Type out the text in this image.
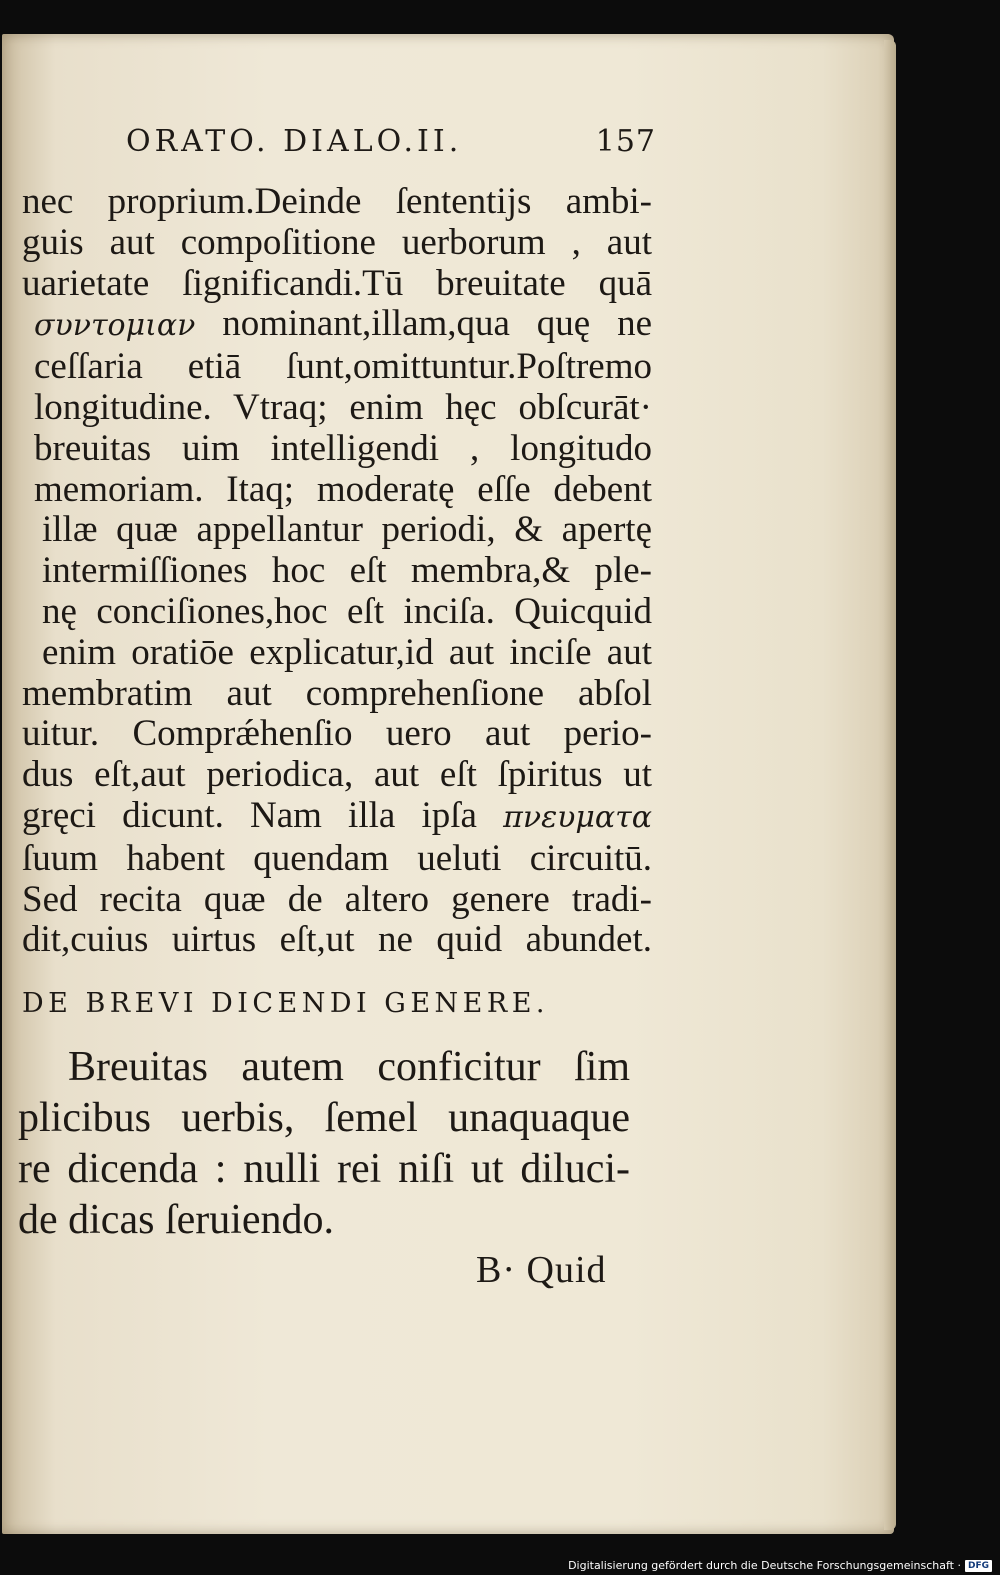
ORATO. DIALO.II.	157
nec proprium.Deinde ſententijs ambi-
guis aut compoſitione uerborum , aut
uarietate ſignificandi.Tū breuitate quā
συντομιαν nominant,illam,qua quę ne
ceſſaria etiā ſunt,omittuntur.Poſtremo
longitudine. Vtraq; enim hęc obſcurāt·
breuitas uim intelligendi , longitudo
memoriam. Itaq; moderatę eſſe debent
illæ quæ appellantur periodi, & apertę
intermiſſiones hoc eſt membra,& ple-
nę conciſiones,hoc eſt inciſa. Quicquid
enim oratiōe explicatur,id aut inciſe aut
membratim aut comprehenſione abſol
uitur. Comprǽhenſio uero aut perio-
dus eſt,aut periodica, aut eſt ſpiritus ut
gręci dicunt. Nam illa ipſa πνευματα
ſuum habent quendam ueluti circuitū.
Sed recita quæ de altero genere tradi-
dit,cuius uirtus eſt,ut ne quid abundet.
DE BREVI DICENDI GENERE.
Breuitas autem conficitur ſim
plicibus uerbis, ſemel unaquaque
re dicenda : nulli rei niſi ut diluci-
de dicas ſeruiendo.
B· Quid
Digitalisierung gefördert durch die Deutsche Forschungsgemeinschaft · DFG
